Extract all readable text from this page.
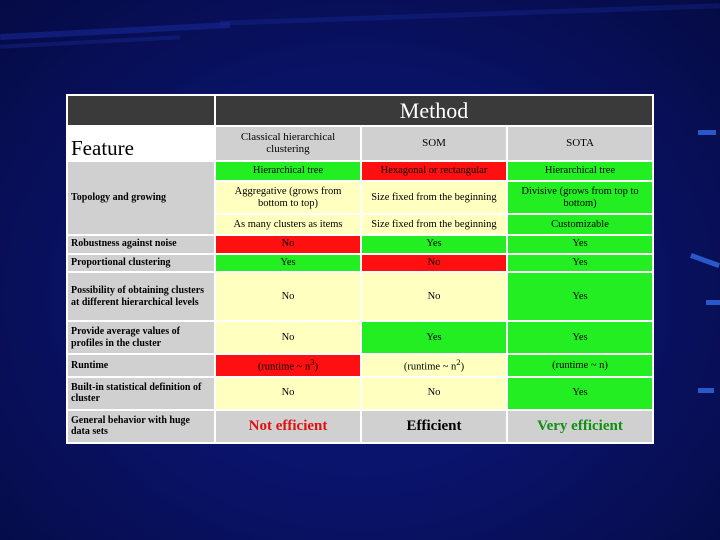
	Method		
Feature	Classical hierarchical clustering	SOM	SOTA
Topology and growing	Hierarchical tree	Hexagonal or rectangular	Hierarchical tree
	Aggregative (grows from bottom to top)	Size fixed from the beginning	Divisive (grows from top to bottom)
	As many clusters as items	Size fixed from the beginning	Customizable
Robustness against noise	No	Yes	Yes
Proportional clustering	Yes	No	Yes
Possibility of obtaining clusters at different hierarchical levels	No	No	Yes
Provide average values of profiles in the cluster	No	Yes	Yes
Runtime	(runtime ~ $n^3$)	(runtime ~ $n^2$)	(runtime ~ n)
Built-in statistical definition of cluster	No	No	Yes
General behavior with huge data sets	Not efficient	Efficient	Very efficient
